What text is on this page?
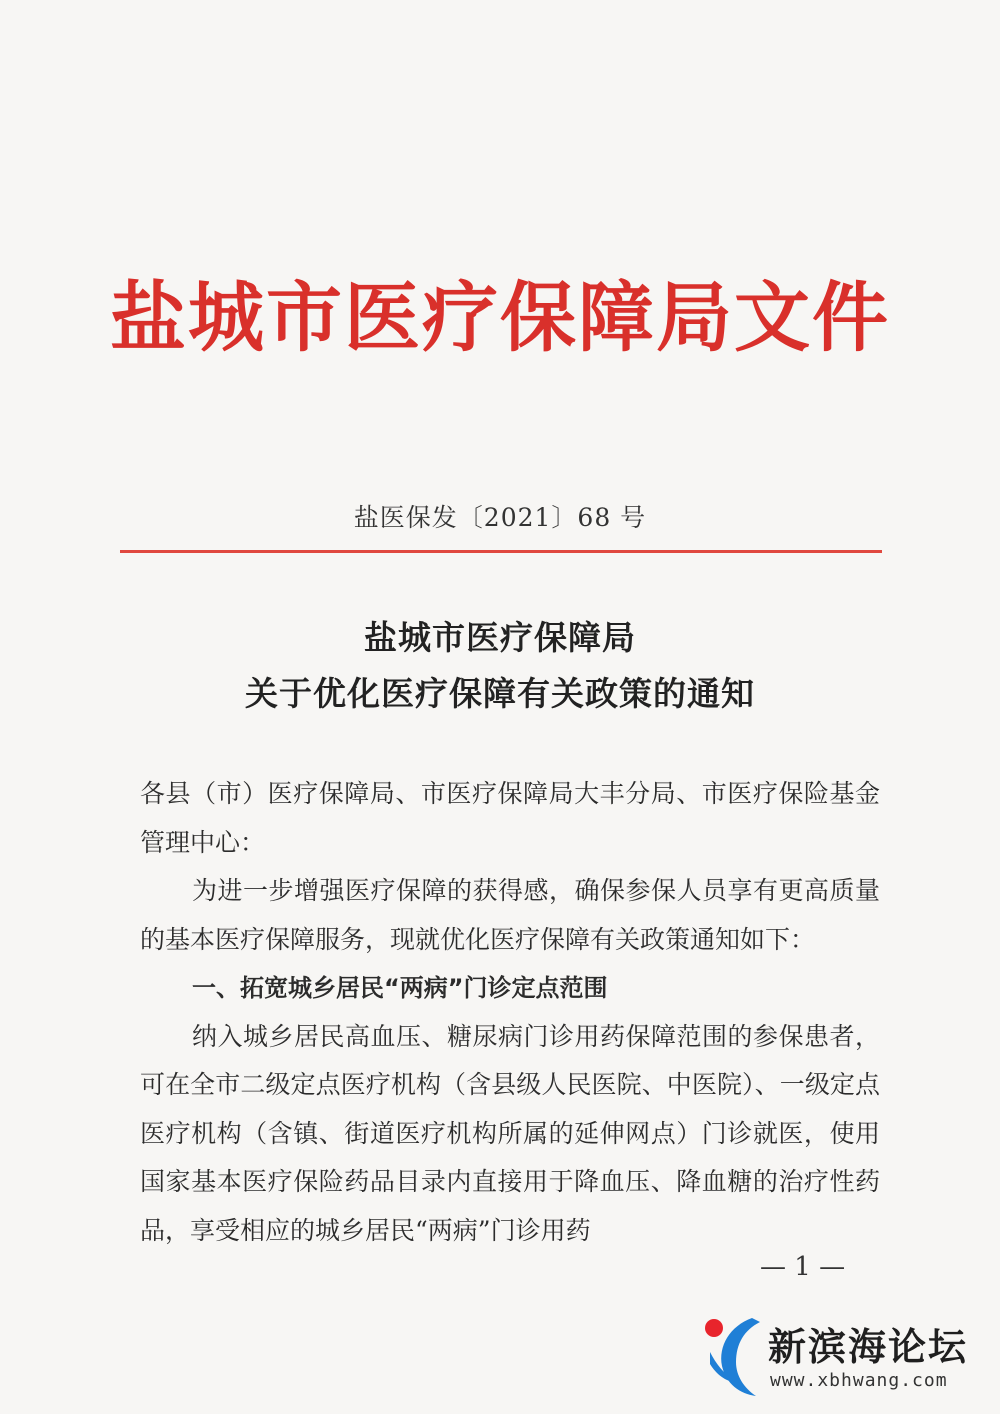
盐城市医疗保障局文件
盐医保发〔2021〕68 号
盐城市医疗保障局
关于优化医疗保障有关政策的通知

各县（市）医疗保障局、市医疗保障局大丰分局、市医疗保险基金管理中心：

为进一步增强医疗保障的获得感，确保参保人员享有更高质量的基本医疗保障服务，现就优化医疗保障有关政策通知如下：

一、拓宽城乡居民“两病”门诊定点范围

纳入城乡居民高血压、糖尿病门诊用药保障范围的参保患者，可在全市二级定点医疗机构（含县级人民医院、中医院）、一级定点医疗机构（含镇、街道医疗机构所属的延伸网点）门诊就医，使用国家基本医疗保险药品目录内直接用于降血压、降血糖的治疗性药品，享受相应的城乡居民“两病”门诊用药

— 1 —
新滨海论坛
www.xbhwang.com
